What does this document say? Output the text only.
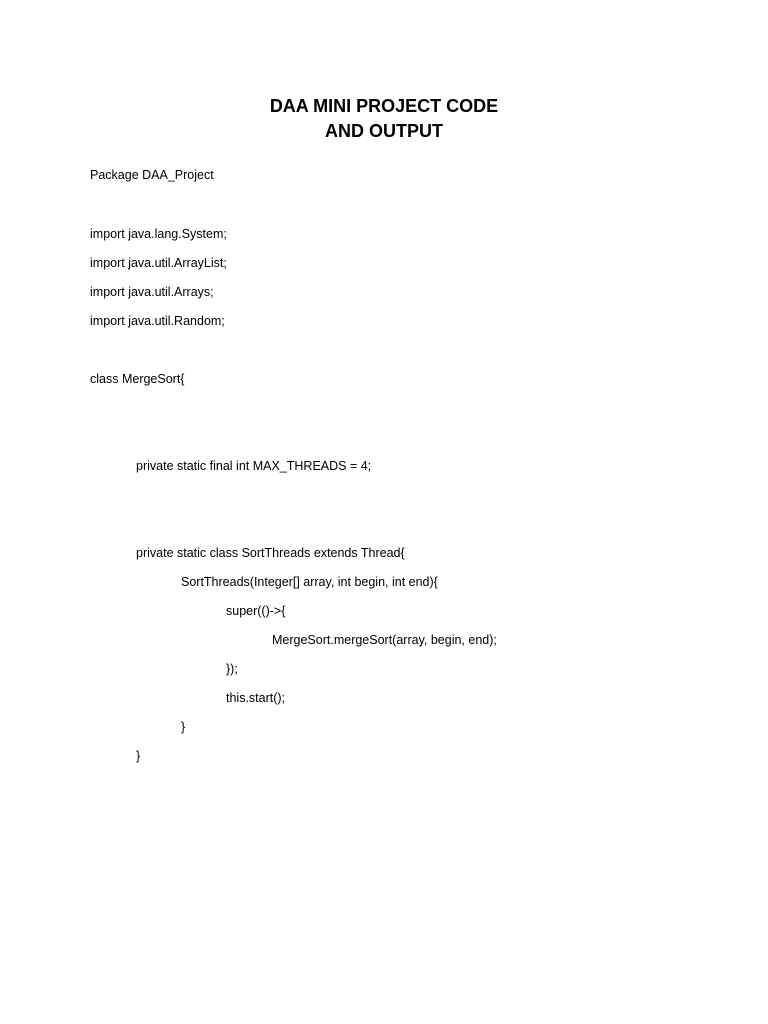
DAA MINI PROJECT CODE
AND OUTPUT
Package DAA_Project
import java.lang.System;
import java.util.ArrayList;
import java.util.Arrays;
import java.util.Random;
class MergeSort{
private static final int MAX_THREADS = 4;
private static class SortThreads extends Thread{
SortThreads(Integer[] array, int begin, int end){
super(()->{
MergeSort.mergeSort(array, begin, end);
});
this.start();
}
}
